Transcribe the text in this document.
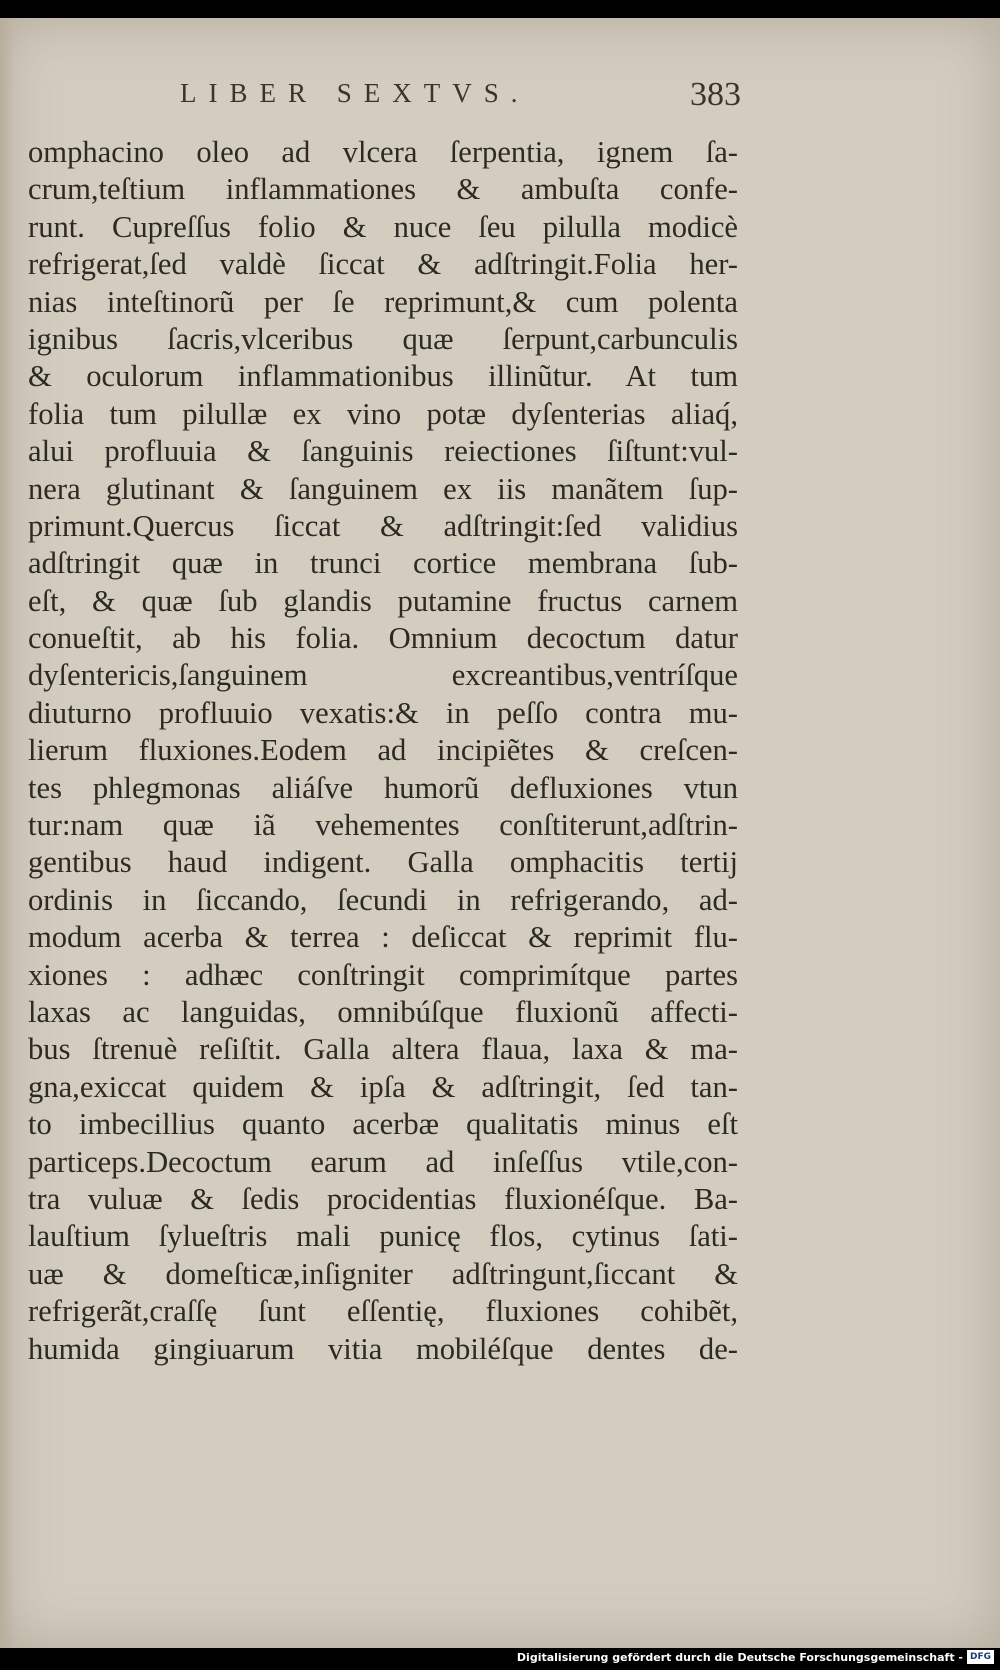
LIBER SEXTVS.	383
omphacino oleo ad vlcera ſerpentia, ignem ſa-
crum,teſtium inflammationes & ambuſta confe-
runt. Cupreſſus folio & nuce ſeu pilulla modicè
refrigerat,ſed valdè ſiccat & adſtringit.Folia her-
nias inteſtinorũ per ſe reprimunt,& cum polenta
ignibus ſacris,vlceribus quæ ſerpunt,carbunculis
& oculorum inflammationibus illinũtur. At tum
folia tum pilullæ ex vino potæ dyſenterias aliaq́,
alui profluuia & ſanguinis reiectiones ſiſtunt:vul-
nera glutinant & ſanguinem ex iis manãtem ſup-
primunt.Quercus ſiccat & adſtringit:ſed validius
adſtringit quæ in trunci cortice membrana ſub-
eſt, & quæ ſub glandis putamine fructus carnem
conueſtit, ab his folia. Omnium decoctum datur
dyſentericis,ſanguinem excreantibus,ventríſque
diuturno profluuio vexatis:& in peſſo contra mu-
lierum fluxiones.Eodem ad incipiẽtes & creſcen-
tes phlegmonas aliáſve humorũ defluxiones vtun
tur:nam quæ iã vehementes conſtiterunt,adſtrin-
gentibus haud indigent. Galla omphacitis tertij
ordinis in ſiccando, ſecundi in refrigerando, ad-
modum acerba & terrea : deſiccat & reprimit flu-
xiones : adhæc conſtringit comprimítque partes
laxas ac languidas, omnibúſque fluxionũ affecti-
bus ſtrenuè reſiſtit. Galla altera flaua, laxa & ma-
gna,exiccat quidem & ipſa & adſtringit, ſed tan-
to imbecillius quanto acerbæ qualitatis minus eſt
particeps.Decoctum earum ad inſeſſus vtile,con-
tra vuluæ & ſedis procidentias fluxionéſque. Ba-
lauſtium ſylueſtris mali punicę flos, cytinus ſati-
uæ & domeſticæ,inſigniter adſtringunt,ſiccant &
refrigerãt,craſſę ſunt eſſentię, fluxiones cohibẽt,
humida gingiuarum vitia mobiléſque dentes de-
Digitalisierung gefördert durch die Deutsche Forschungsgemeinschaft - DFG
